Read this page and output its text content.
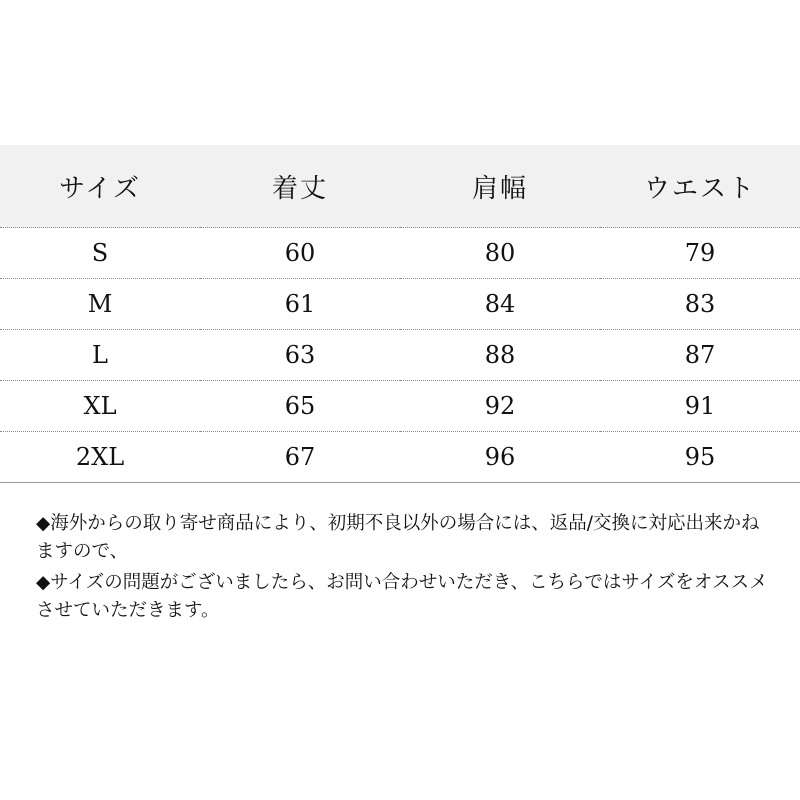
サイズ	着丈	肩幅	ウエスト
S	60	80	79
M	61	84	83
L	63	88	87
XL	65	92	91
2XL	67	96	95

◆海外からの取り寄せ商品により、初期不良以外の場合には、返品/交換に対応出来かねますので、

◆サイズの問題がございましたら、お問い合わせいただき、こちらではサイズをオススメさせていただきます。
